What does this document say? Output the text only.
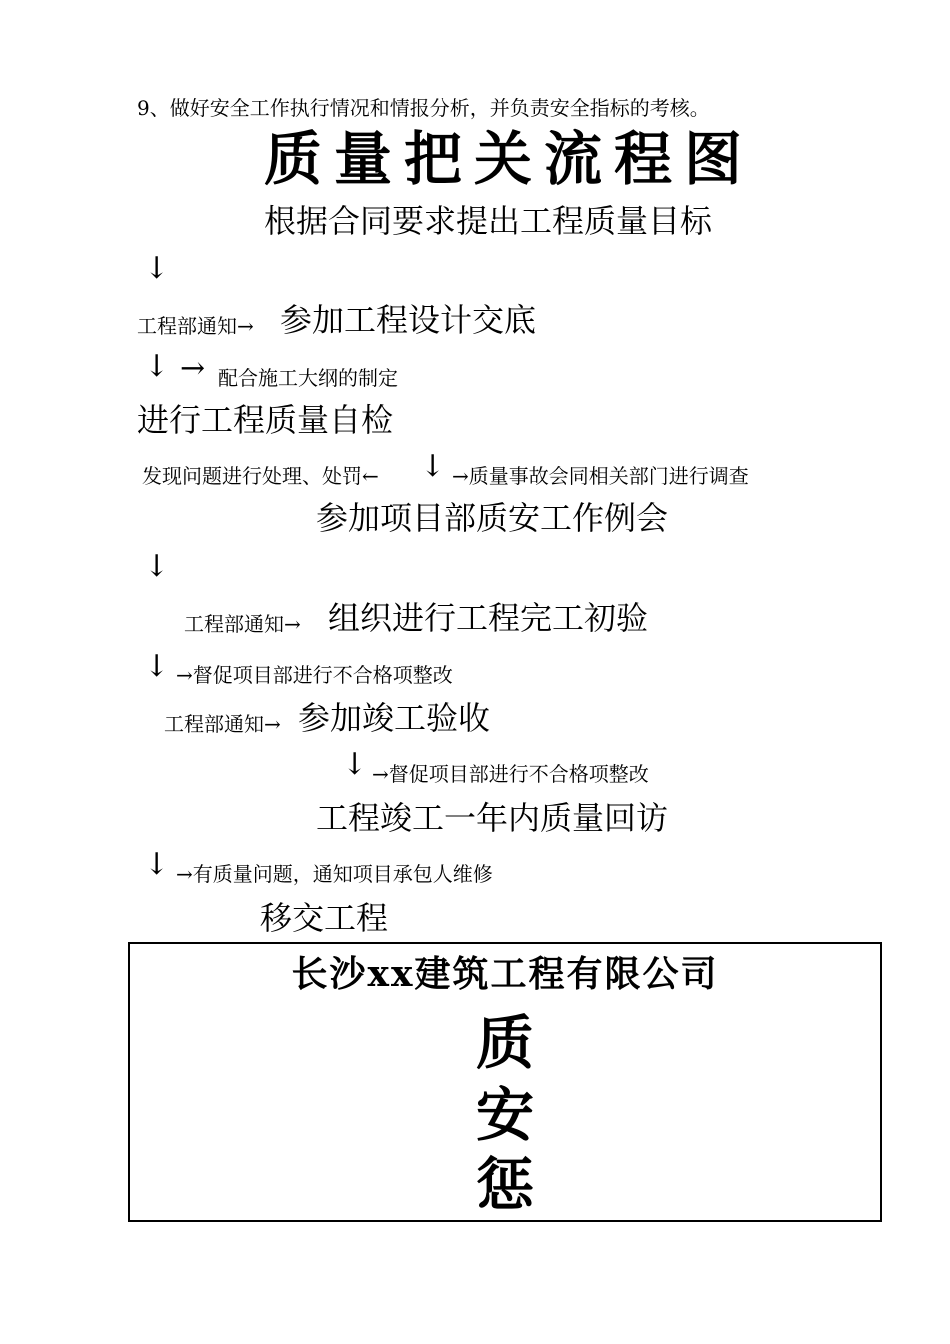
9、做好安全工作执行情况和情报分析，并负责安全指标的考核。
质量把关流程图
根据合同要求提出工程质量目标
↓
工程部通知→ 参加工程设计交底
↓ → 配合施工大纲的制定
进行工程质量自检
发现问题进行处理、处罚← ↓ →质量事故会同相关部门进行调查
参加项目部质安工作例会
↓
工程部通知→ 组织进行工程完工初验
↓ →督促项目部进行不合格项整改
工程部通知→ 参加竣工验收
↓ →督促项目部进行不合格项整改
工程竣工一年内质量回访
↓ →有质量问题，通知项目承包人维修
移交工程
长沙xx建筑工程有限公司
质
安
惩
